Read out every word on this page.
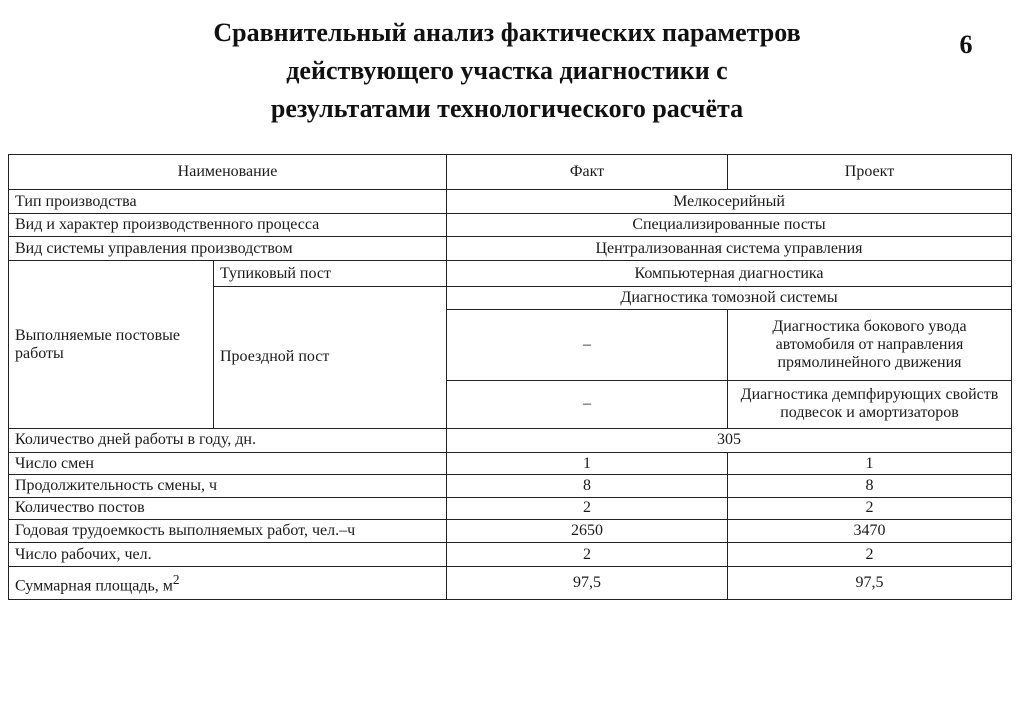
Сравнительный анализ фактических параметров
действующего участка диагностики с
результатами технологического расчёта
6
Наименование		Факт	Проект
Тип производства		Мелкосерийный	
Вид и характер производственного процесса		Специализированные посты	
Вид системы управления производством		Централизованная система управления	
Выполняемые постовые работы	Тупиковый пост	Компьютерная диагностика	
	Проездной пост	Диагностика томозной системы	
		–	Диагностика бокового увода автомобиля от направления прямолинейного движения
		–	Диагностика демпфирующих свойств подвесок и амортизаторов
Количество дней работы в году, дн.		305	
Число смен		1	1
Продолжительность смены, ч		8	8
Количество постов		2	2
Годовая трудоемкость выполняемых работ, чел.–ч		2650	3470
Число рабочих, чел.		2	2
Суммарная площадь, $м^2$		97,5	97,5
